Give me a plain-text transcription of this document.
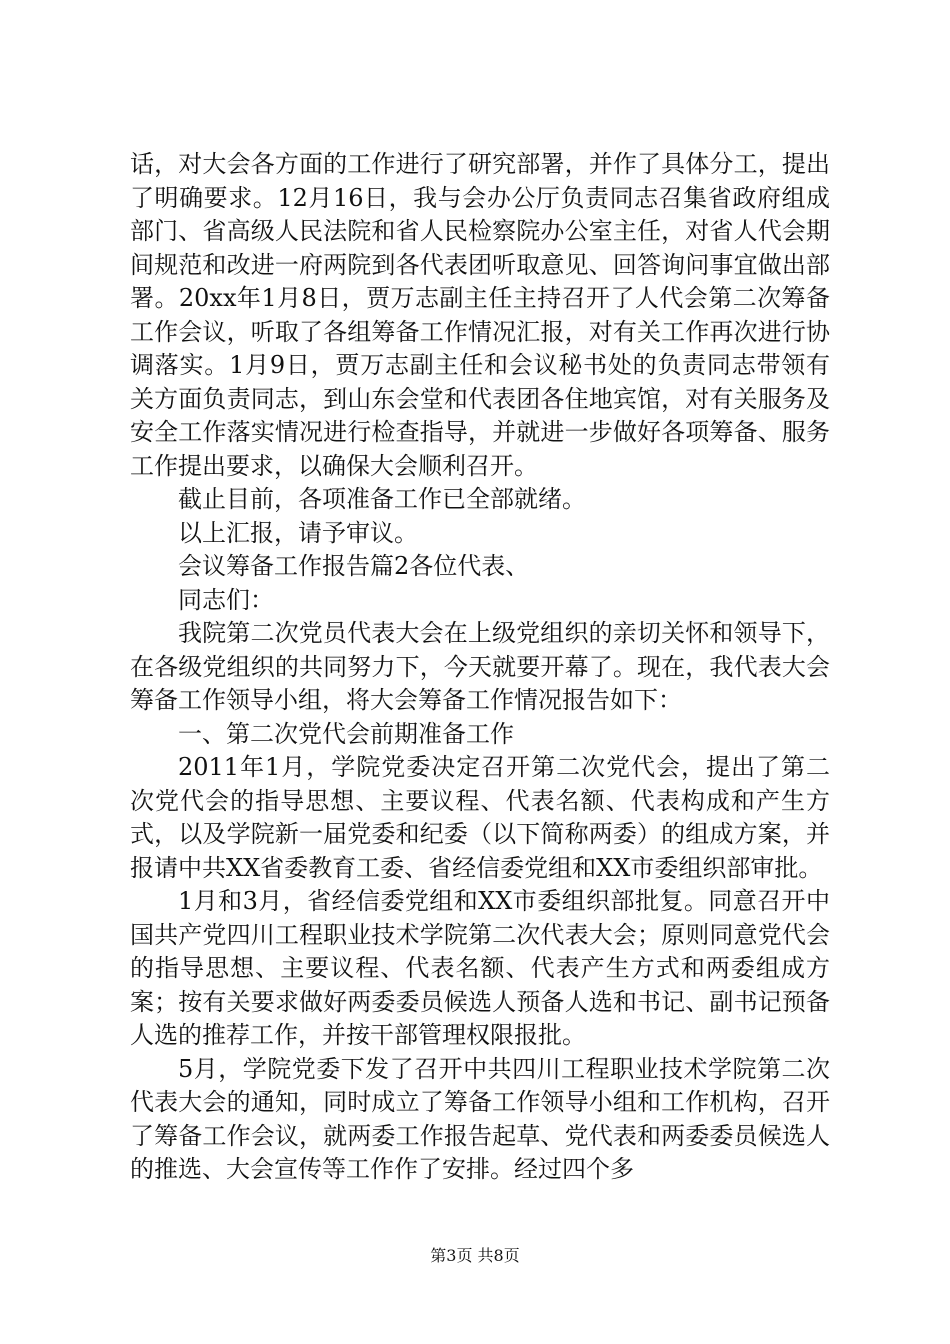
话，对大会各方面的工作进行了研究部署，并作了具体分工，提出了明确要求。12月16日，我与会办公厅负责同志召集省政府组成部门、省高级人民法院和省人民检察院办公室主任，对省人代会期间规范和改进一府两院到各代表团听取意见、回答询问事宜做出部署。20xx年1月8日，贾万志副主任主持召开了人代会第二次筹备工作会议，听取了各组筹备工作情况汇报，对有关工作再次进行协调落实。1月9日，贾万志副主任和会议秘书处的负责同志带领有关方面负责同志，到山东会堂和代表团各住地宾馆，对有关服务及安全工作落实情况进行检查指导，并就进一步做好各项筹备、服务工作提出要求，以确保大会顺利召开。

截止目前，各项准备工作已全部就绪。

以上汇报，请予审议。

会议筹备工作报告篇2各位代表、

同志们：

我院第二次党员代表大会在上级党组织的亲切关怀和领导下，在各级党组织的共同努力下，今天就要开幕了。现在，我代表大会筹备工作领导小组，将大会筹备工作情况报告如下：

一、第二次党代会前期准备工作

2011年1月，学院党委决定召开第二次党代会，提出了第二次党代会的指导思想、主要议程、代表名额、代表构成和产生方式，以及学院新一届党委和纪委（以下简称两委）的组成方案，并报请中共XX省委教育工委、省经信委党组和XX市委组织部审批。

1月和3月，省经信委党组和XX市委组织部批复。同意召开中国共产党四川工程职业技术学院第二次代表大会；原则同意党代会的指导思想、主要议程、代表名额、代表产生方式和两委组成方案；按有关要求做好两委委员候选人预备人选和书记、副书记预备人选的推荐工作，并按干部管理权限报批。

5月，学院党委下发了召开中共四川工程职业技术学院第二次代表大会的通知，同时成立了筹备工作领导小组和工作机构，召开了筹备工作会议，就两委工作报告起草、党代表和两委委员候选人的推选、大会宣传等工作作了安排。经过四个多

第3页 共8页
